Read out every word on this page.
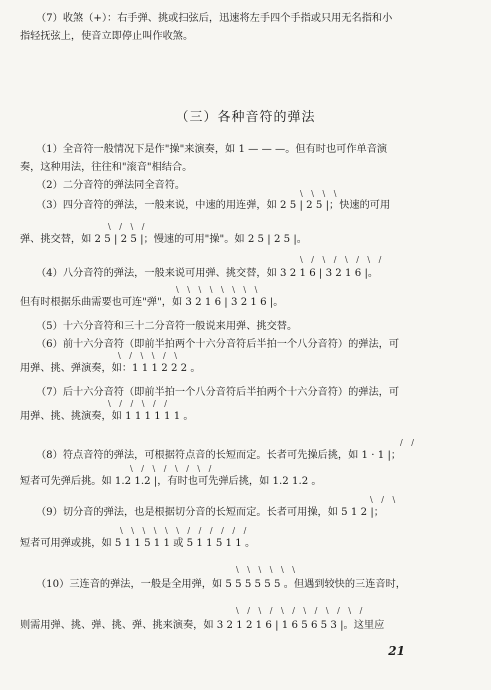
（7）收煞（+）：右手弹、挑或扫弦后，迅速将左手四个手指或只用无名指和小
指轻抚弦上，使音立即停止叫作收煞。
（三）各种音符的弹法
（1）全音符一般情况下是作"操"来演奏，如 1 — — —。但有时也可作单音演
奏，这种用法，往往和"滚音"相结合。
（2）二分音符的弹法同全音符。
\ \ \ \
（3）四分音符的弹法，一般来说，中速的用连弹，如 2 5 | 2 5 |；快速的可用
\ / \ /
弹、挑交替，如 2 5 | 2 5 |；慢速的可用"操"。如 2 5 | 2 5 |。
\ / \ / \ / \ /
（4）八分音符的弹法，一般来说可用弹、挑交替，如 3 2 1 6 | 3 2 1 6 |。
\ \ \ \ \ \ \ \
但有时根据乐曲需要也可连"弹"，如 3 2 1 6 | 3 2 1 6 |。
（5）十六分音符和三十二分音符一般说来用弹、挑交替。
（6）前十六分音符（即前半拍两个十六分音符后半拍一个八分音符）的弹法，可
\ / \ \ / \
用弹、挑、弹演奏，如：1 1 1 2 2 2 。
（7）后十六分音符（即前半拍一个八分音符后半拍两个十六分音符）的弹法，可
\ / / \ / /
用弹、挑、挑演奏，如 1 1 1 1 1 1 。
/ /
（8）符点音符的弹法，可根据符点音的长短而定。长者可先操后挑，如 1 · 1 |；
\ / \ / \ / \ /
短者可先弹后挑。如 1.2 1.2 |，有时也可先弹后挑，如 1.2 1.2 。
\ / \
（9）切分音的弹法，也是根据切分音的长短而定。长者可用操，如 5 1 2 |；
\ \ \ \ \ \ / / / / / /
短者可用弹或挑，如 5 1 1 5 1 1 或 5 1 1 5 1 1 。
\ \ \ \ \ \
（10）三连音的弹法，一般是全用弹，如 5 5 5 5 5 5 。但遇到较快的三连音时，
\ / \ / \ / \ / \ / \ /
则需用弹、挑、弹、挑、弹、挑来演奏，如 3 2 1 2 1 6 | 1 6 5 6 5 3 |。这里应
21
